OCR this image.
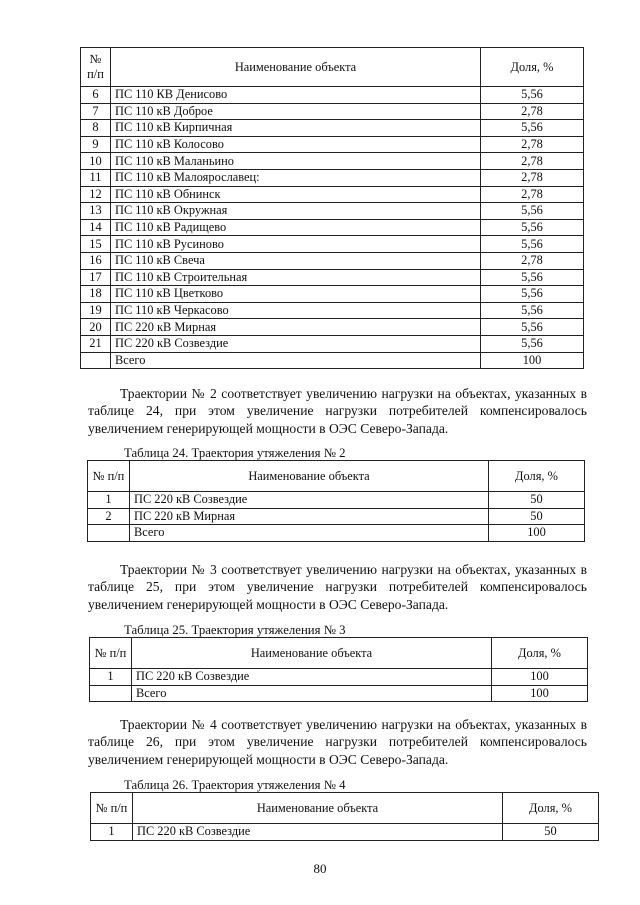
№ п/п	Наименование объекта	Доля, %
6	ПС 110 КВ Денисово	5,56
7	ПС 110 кВ Доброе	2,78
8	ПС 110 кВ Кирпичная	5,56
9	ПС 110 кВ Колосово	2,78
10	ПС 110 кВ Маланьино	2,78
11	ПС 110 кВ Малоярославец:	2,78
12	ПС 110 кВ Обнинск	2,78
13	ПС 110 кВ Окружная	5,56
14	ПС 110 кВ Радищево	5,56
15	ПС 110 кВ Русиново	5,56
16	ПС 110 кВ Свеча	2,78
17	ПС 110 кВ Строительная	5,56
18	ПС 110 кВ Цветково	5,56
19	ПС 110 кВ Черкасово	5,56
20	ПС 220 кВ Мирная	5,56
21	ПС 220 кВ Созвездие	5,56
	Всего	100

Траектории № 2 соответствует увеличению нагрузки на объектах, указанных в таблице 24, при этом увеличение нагрузки потребителей компенсировалось увеличением генерирующей мощности в ОЭС Северо-Запада.

Таблица 24. Траектория утяжеления № 2
№ п/п	Наименование объекта	Доля, %
1	ПС 220 кВ Созвездие	50
2	ПС 220 кВ Мирная	50
	Всего	100

Траектории № 3 соответствует увеличению нагрузки на объектах, указанных в таблице 25, при этом увеличение нагрузки потребителей компенсировалось увеличением генерирующей мощности в ОЭС Северо-Запада.

Таблица 25. Траектория утяжеления № 3
№ п/п	Наименование объекта	Доля, %
1	ПС 220 кВ Созвездие	100
	Всего	100

Траектории № 4 соответствует увеличению нагрузки на объектах, указанных в таблице 26, при этом увеличение нагрузки потребителей компенсировалось увеличением генерирующей мощности в ОЭС Северо-Запада.

Таблица 26. Траектория утяжеления № 4
№ п/п	Наименование объекта	Доля, %
1	ПС 220 кВ Созвездие	50
80
